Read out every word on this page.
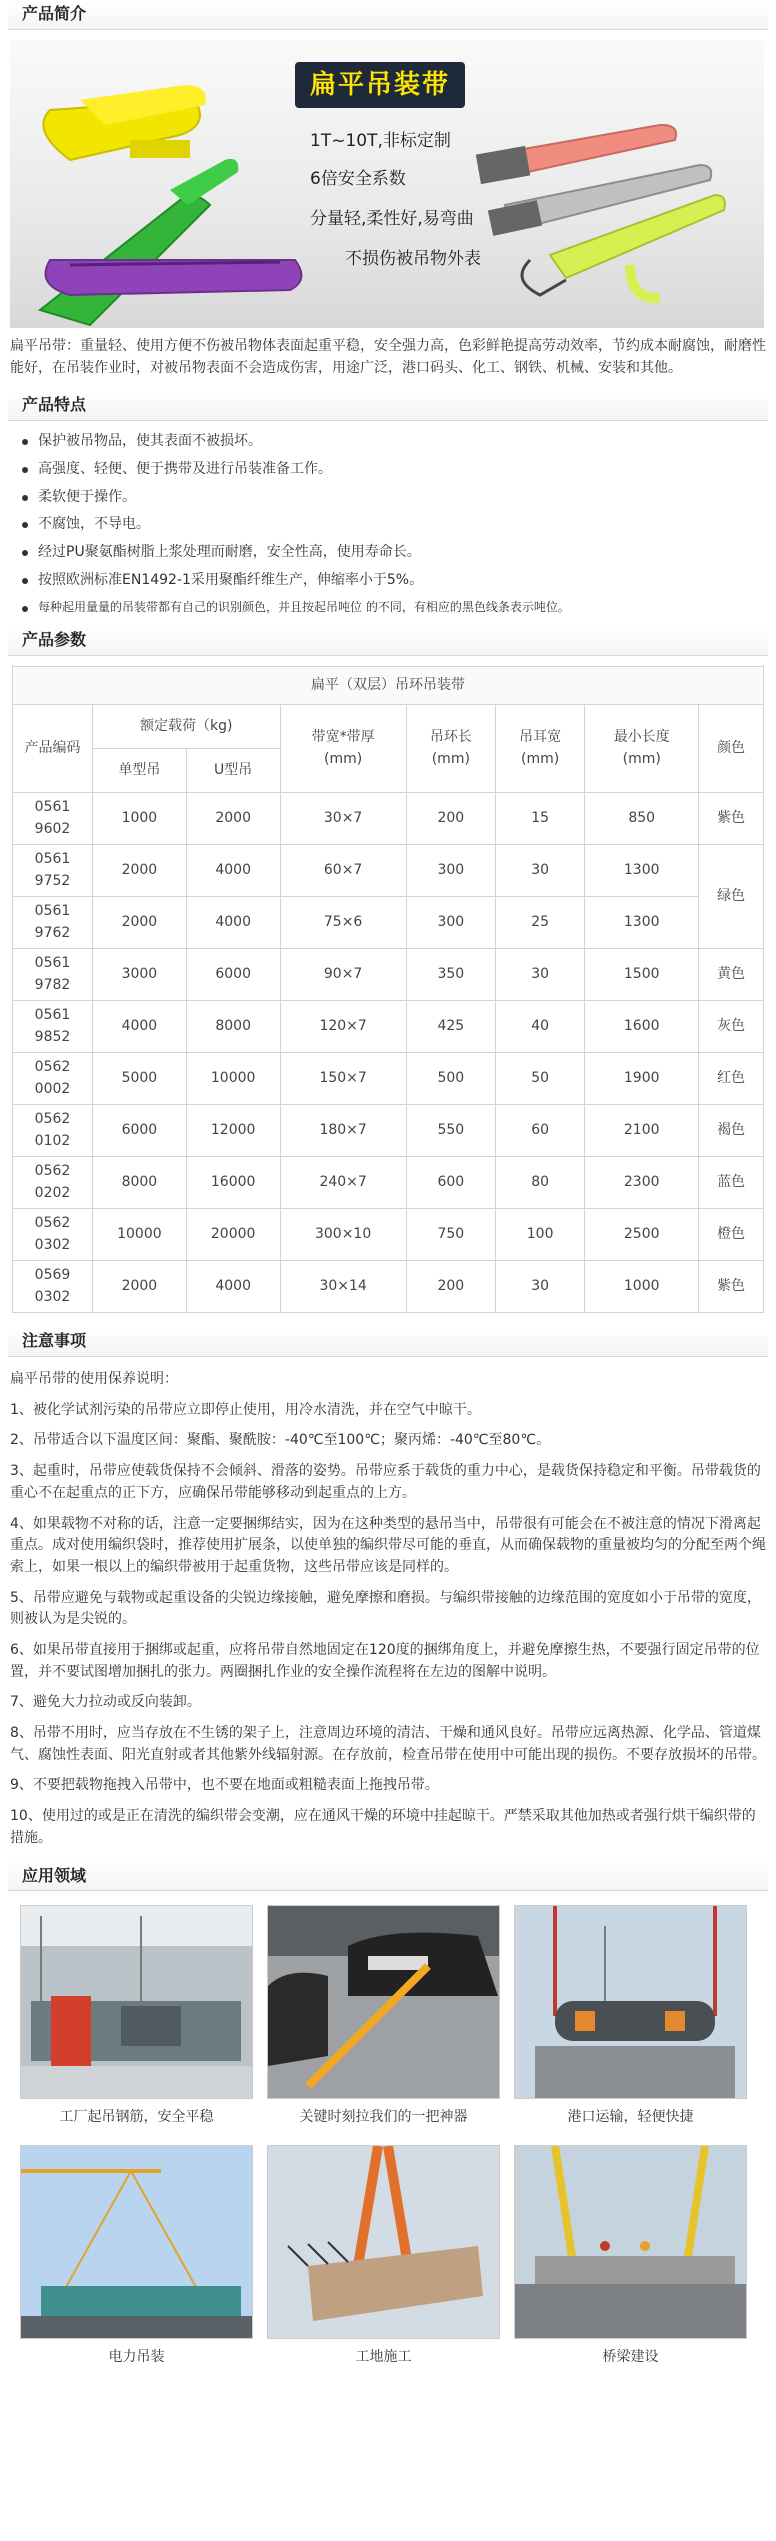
产品简介
扁平吊装带
1T~10T,非标定制
6倍安全系数
分量轻,柔性好,易弯曲
不损伤被吊物外表

扁平吊带：重量轻、使用方便不伤被吊物体表面起重平稳，安全强力高，色彩鲜艳提高劳动效率，节约成本耐腐蚀，耐磨性能好，在吊装作业时，对被吊物表面不会造成伤害，用途广泛，港口码头、化工、钢铁、机械、安装和其他。

产品特点
保护被吊物品，使其表面不被损坏。
高强度、轻便、便于携带及进行吊装准备工作。
柔软便于操作。
不腐蚀，不导电。
经过PU聚氨酯树脂上浆处理而耐磨，安全性高，使用寿命长。
按照欧洲标准EN1492-1采用聚酯纤维生产，伸缩率小于5%。
每种起用量量的吊装带都有自己的识别颜色，并且按起吊吨位 的不同，有相应的黑色线条表示吨位。
产品参数
扁平（双层）吊环吊装带							
产品编码	额定载荷（kg)		带宽*带厚
(mm)	吊环长
(mm)	吊耳宽
(mm)	最小长度
(mm)	颜色
	单型吊	U型吊					
0561
9602	1000	2000	30×7	200	15	850	紫色
0561
9752	2000	4000	60×7	300	30	1300	绿色
0561
9762	2000	4000	75×6	300	25	1300	
0561
9782	3000	6000	90×7	350	30	1500	黄色
0561
9852	4000	8000	120×7	425	40	1600	灰色
0562
0002	5000	10000	150×7	500	50	1900	红色
0562
0102	6000	12000	180×7	550	60	2100	褐色
0562
0202	8000	16000	240×7	600	80	2300	蓝色
0562
0302	10000	20000	300×10	750	100	2500	橙色
0569
0302	2000	4000	30×14	200	30	1000	紫色
注意事项

扁平吊带的使用保养说明：

1、被化学试剂污染的吊带应立即停止使用，用冷水清洗，并在空气中晾干。

2、吊带适合以下温度区间：聚酯、聚酰胺：-40℃至100℃；聚丙烯：-40℃至80℃。

3、起重时，吊带应使载货保持不会倾斜、滑落的姿势。吊带应系于载货的重力中心，是载货保持稳定和平衡。吊带载货的重心不在起重点的正下方，应确保吊带能够移动到起重点的上方。

4、如果载物不对称的话，注意一定要捆绑结实，因为在这种类型的悬吊当中，吊带很有可能会在不被注意的情况下滑离起重点。成对使用编织袋时，推荐使用扩展条，以使单独的编织带尽可能的垂直，从而确保载物的重量被均匀的分配至两个绳索上，如果一根以上的编织带被用于起重货物，这些吊带应该是同样的。

5、吊带应避免与载物或起重设备的尖锐边缘接触，避免摩擦和磨损。与编织带接触的边缘范围的宽度如小于吊带的宽度，则被认为是尖锐的。

6、如果吊带直接用于捆绑或起重，应将吊带自然地固定在120度的捆绑角度上，并避免摩擦生热，不要强行固定吊带的位置，并不要试图增加捆扎的张力。两圈捆扎作业的安全操作流程将在左边的图解中说明。

7、避免大力拉动或反向装卸。

8、吊带不用时，应当存放在不生锈的架子上，注意周边环境的清洁、干燥和通风良好。吊带应远离热源、化学品、管道煤气、腐蚀性表面、阳光直射或者其他紫外线辐射源。在存放前，检查吊带在使用中可能出现的损伤。不要存放损坏的吊带。

9、不要把载物拖拽入吊带中，也不要在地面或粗糙表面上拖拽吊带。

10、使用过的或是正在清洗的编织带会变潮，应在通风干燥的环境中挂起晾干。严禁采取其他加热或者强行烘干编织带的措施。

应用领域
工厂起吊钢筋，安全平稳	关键时刻拉我们的一把神器	港口运输，轻便快捷
电力吊装	工地施工	桥梁建设
